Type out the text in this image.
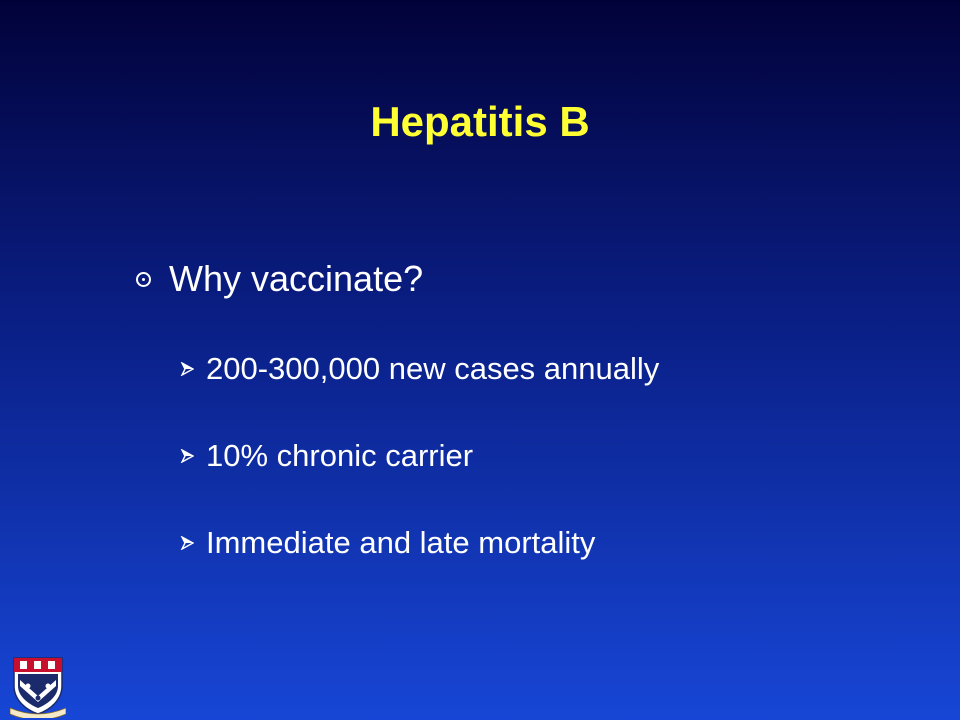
Hepatitis B
Why vaccinate?
200-300,000 new cases annually
10% chronic carrier
Immediate and late mortality
